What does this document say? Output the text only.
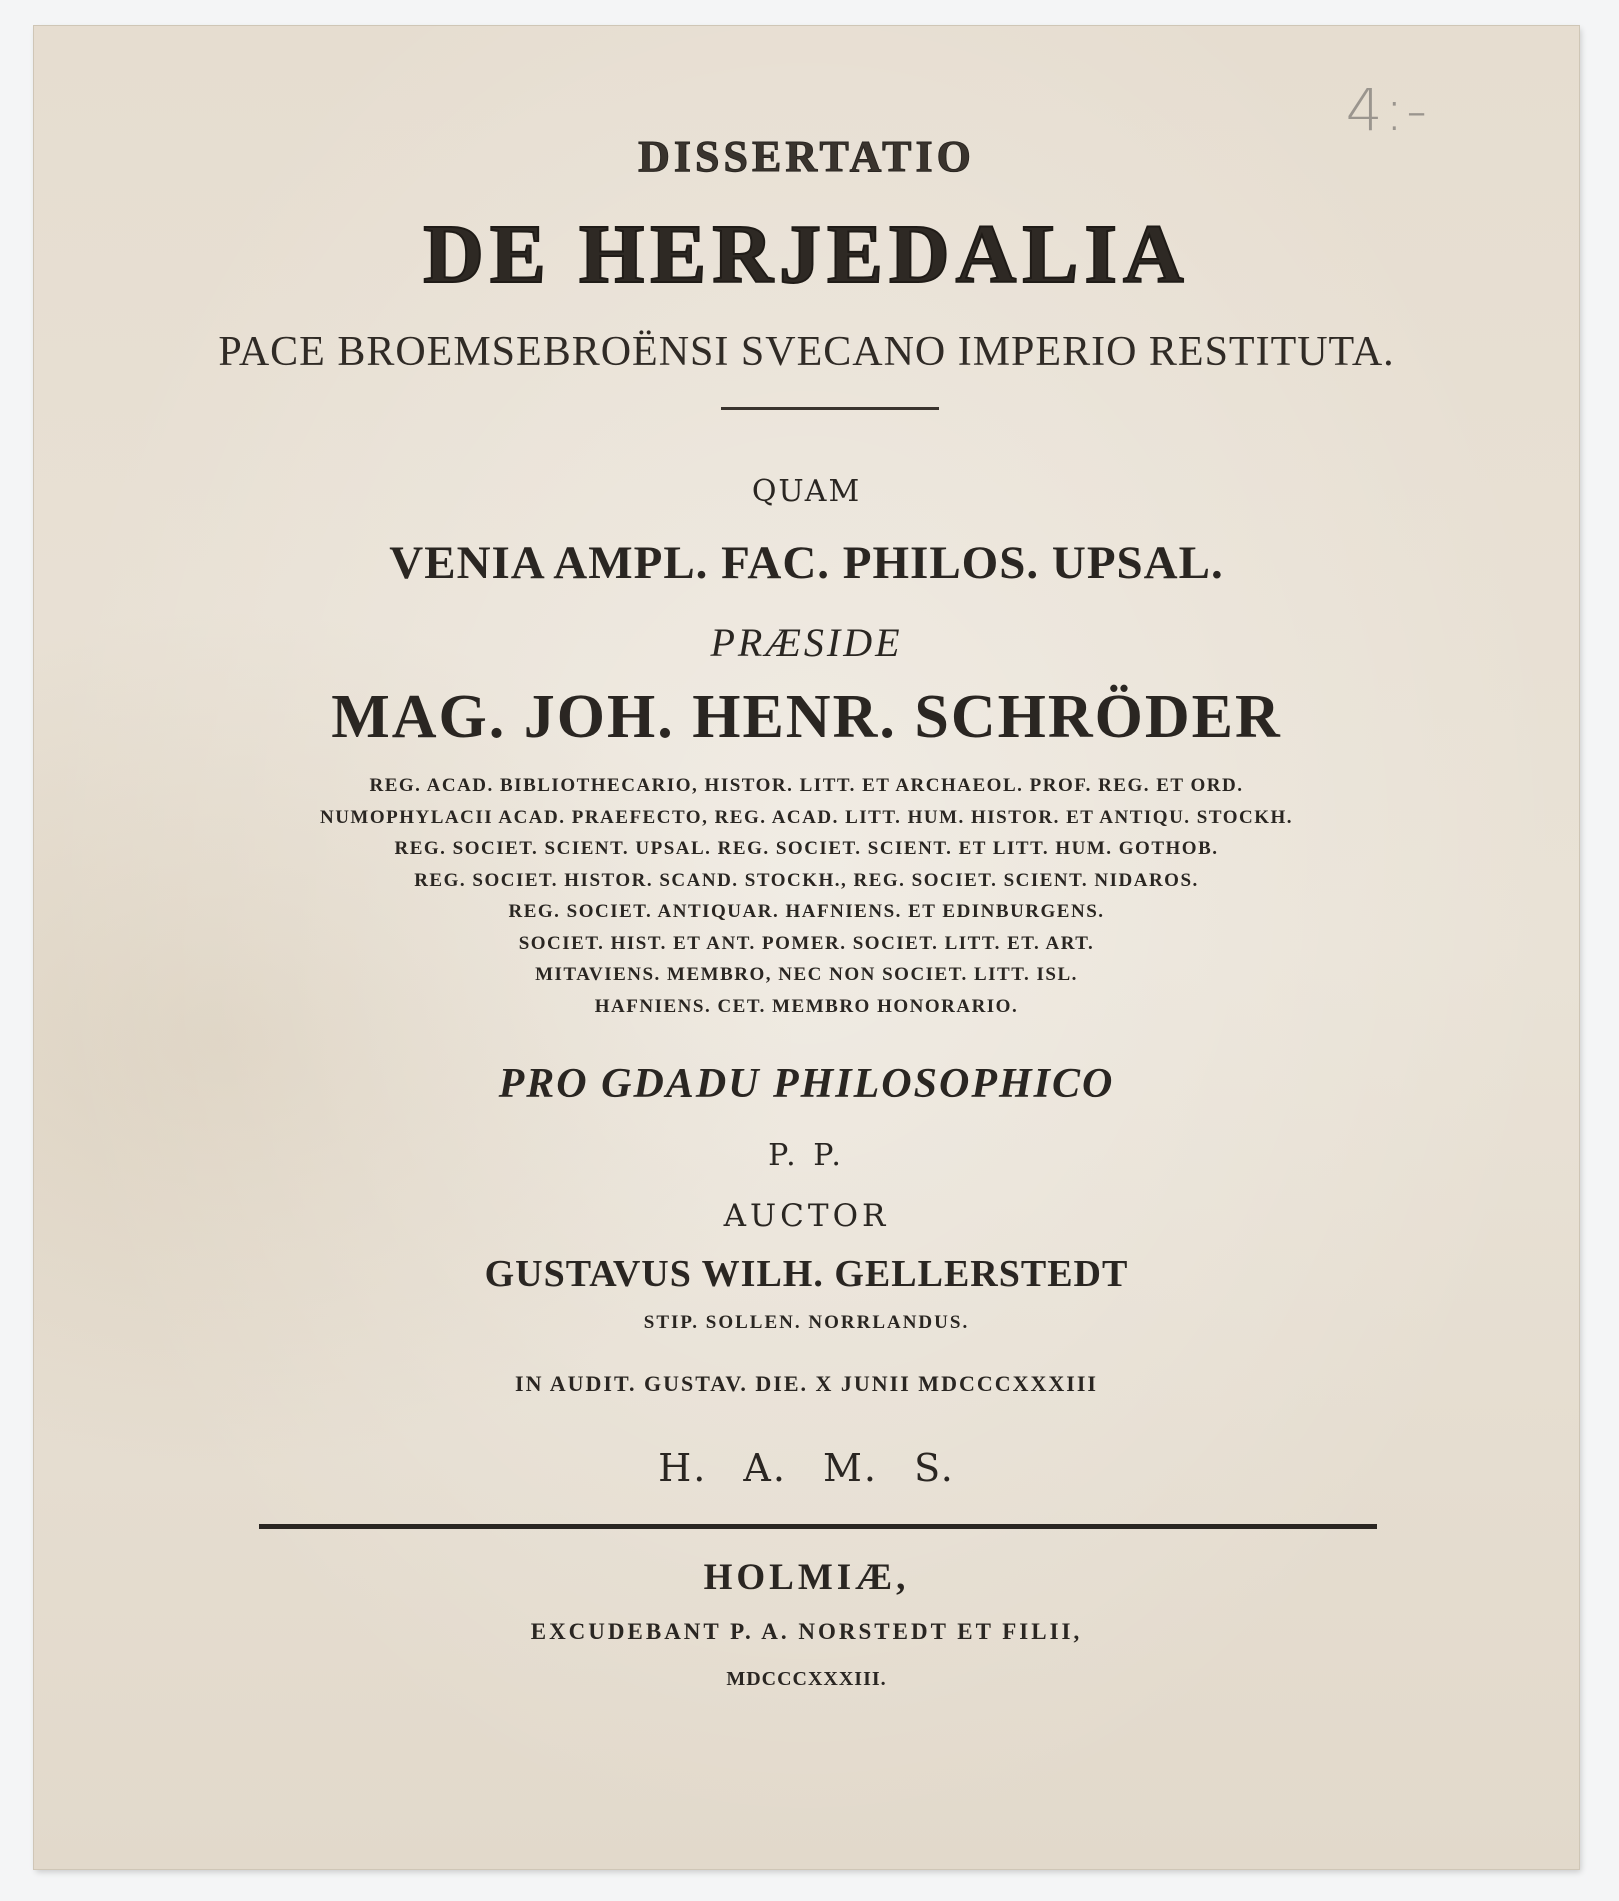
4:-
DISSERTATIO
DE HERJEDALIA
PACE BROEMSEBROËNSI SVECANO IMPERIO RESTITUTA.
QUAM
VENIA AMPL. FAC. PHILOS. UPSAL.
PRÆSIDE
MAG. JOH. HENR. SCHRÖDER
REG. ACAD. BIBLIOTHECARIO, HISTOR. LITT. ET ARCHAEOL. PROF. REG. ET ORD.
NUMOPHYLACII ACAD. PRAEFECTO, REG. ACAD. LITT. HUM. HISTOR. ET ANTIQU. STOCKH.
REG. SOCIET. SCIENT. UPSAL. REG. SOCIET. SCIENT. ET LITT. HUM. GOTHOB.
REG. SOCIET. HISTOR. SCAND. STOCKH., REG. SOCIET. SCIENT. NIDAROS.
REG. SOCIET. ANTIQUAR. HAFNIENS. ET EDINBURGENS.
SOCIET. HIST. ET ANT. POMER. SOCIET. LITT. ET. ART.
MITAVIENS. MEMBRO, NEC NON SOCIET. LITT. ISL.
HAFNIENS. CET. MEMBRO HONORARIO.
PRO GDADU PHILOSOPHICO
P. P.
AUCTOR
GUSTAVUS WILH. GELLERSTEDT
STIP. SOLLEN. NORRLANDUS.
IN AUDIT. GUSTAV. DIE. X JUNII MDCCCXXXIII
H. A. M. S.
HOLMIÆ,
EXCUDEBANT P. A. NORSTEDT ET FILII,
MDCCCXXXIII.
